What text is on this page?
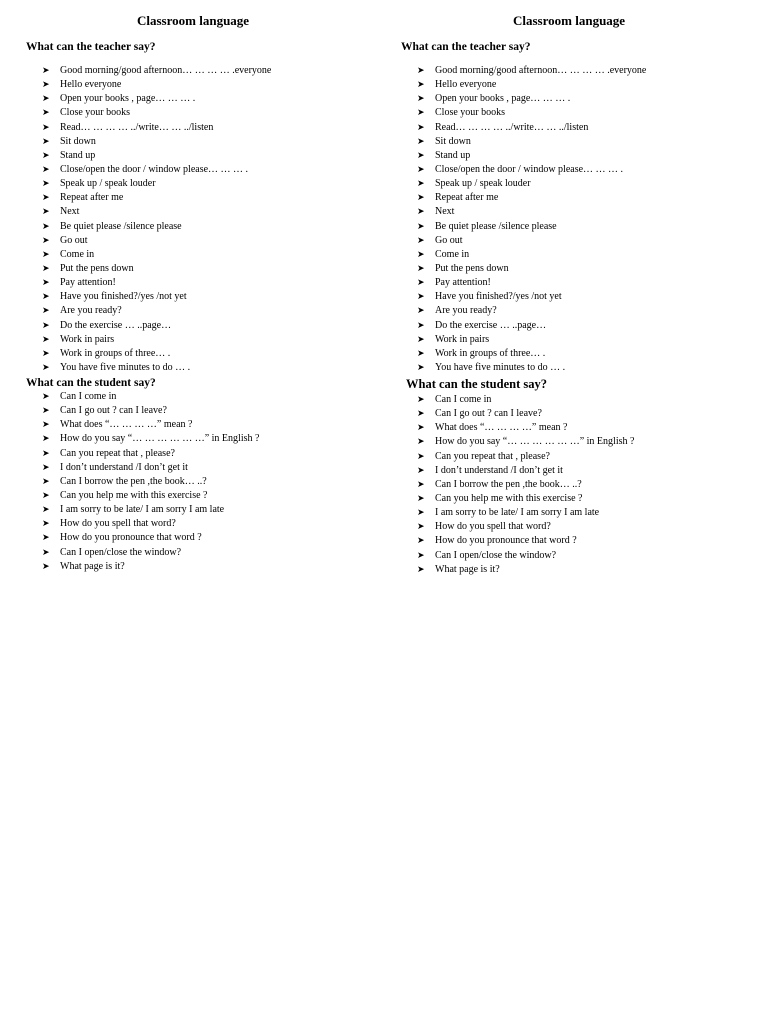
Classroom language
What can the teacher say?
➤ Good morning/good afternoon… … … … .everyone
➤ Hello everyone
➤ Open your books , page… … … .
➤ Close your books
➤ Read… … … … ../write… … ../listen
➤ Sit down
➤ Stand up
➤ Close/open the door / window please… … … .
➤ Speak up / speak louder
➤ Repeat after me
➤ Next
➤ Be quiet please /silence please
➤ Go out
➤ Come in
➤ Put the pens down
➤ Pay attention!
➤ Have you finished?/yes /not yet
➤ Are you ready?
➤ Do the exercise … ..page…
➤ Work in pairs
➤ Work in groups of three… .
➤ You have five minutes to do … .
What can the student say?
➤ Can I come in
➤ Can I go out ? can I leave?
➤ What does “… … … …” mean ?
➤ How do you say “… … … … … …” in English ?
➤ Can you repeat that , please?
➤ I don’t understand /I don’t get it
➤ Can I borrow the pen ,the book… ..?
➤ Can you help me with this exercise ?
➤ I am sorry to be late/ I am sorry I am late
➤ How do you spell that word?
➤ How do you pronounce that word ?
➤ Can I open/close the window?
➤ What page is it?
Classroom language
What can the teacher say?
➤ Good morning/good afternoon… … … … .everyone
➤ Hello everyone
➤ Open your books , page… … … .
➤ Close your books
➤ Read… … … … ../write… … ../listen
➤ Sit down
➤ Stand up
➤ Close/open the door / window please… … … .
➤ Speak up / speak louder
➤ Repeat after me
➤ Next
➤ Be quiet please /silence please
➤ Go out
➤ Come in
➤ Put the pens down
➤ Pay attention!
➤ Have you finished?/yes /not yet
➤ Are you ready?
➤ Do the exercise … ..page…
➤ Work in pairs
➤ Work in groups of three… .
➤ You have five minutes to do … .
What can the student say?
➤ Can I come in
➤ Can I go out ? can I leave?
➤ What does “… … … …” mean ?
➤ How do you say “… … … … … …” in English ?
➤ Can you repeat that , please?
➤ I don’t understand /I don’t get it
➤ Can I borrow the pen ,the book… ..?
➤ Can you help me with this exercise ?
➤ I am sorry to be late/ I am sorry I am late
➤ How do you spell that word?
➤ How do you pronounce that word ?
➤ Can I open/close the window?
➤ What page is it?
